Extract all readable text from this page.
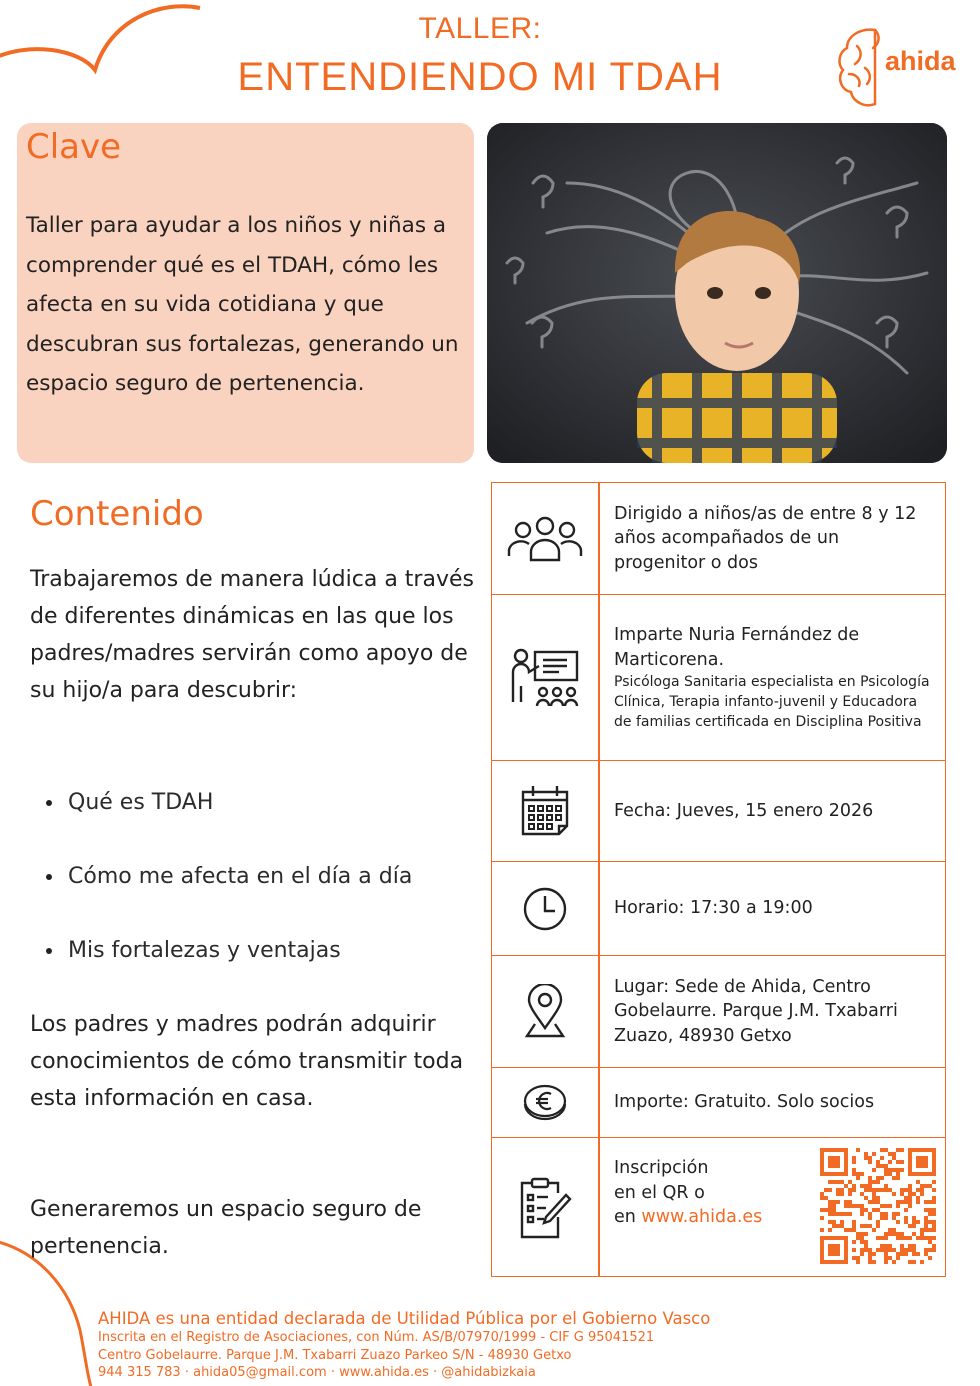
TALLER:
ENTENDIENDO MI TDAH	ahida
Clave
Taller para ayudar a los niños y niñas a comprender qué es el TDAH, cómo les afecta en su vida cotidiana y que descubran sus fortalezas, generando un espacio seguro de pertenencia.
Contenido
Trabajaremos de manera lúdica a través de diferentes dinámicas en las que los padres/madres servirán como apoyo de su hijo/a para descubrir:
Qué es TDAH
Cómo me afecta en el día a día
Mis fortalezas y ventajas
Los padres y madres podrán adquirir conocimientos de cómo transmitir toda esta información en casa.
Generaremos un espacio seguro de pertenencia.
Dirigido a niños/as de entre 8 y 12 años acompañados de un progenitor o dos
Imparte Nuria Fernández de Marticorena.
Psicóloga Sanitaria especialista en Psicología Clínica, Terapia infanto-juvenil y Educadora de familias certificada en Disciplina Positiva
Fecha: Jueves, 15 enero 2026
Horario: 17:30 a 19:00
Lugar: Sede de Ahida, Centro Gobelaurre. Parque J.M. Txabarri Zuazo, 48930 Getxo
Importe: Gratuito. Solo socios
Inscripción
en el QR o
en www.ahida.es
AHIDA es una entidad declarada de Utilidad Pública por el Gobierno Vasco
Inscrita en el Registro de Asociaciones, con Núm. AS/B/07970/1999 - CIF G 95041521
Centro Gobelaurre. Parque J.M. Txabarri Zuazo Parkeo S/N - 48930 Getxo
944 315 783 · ahida05@gmail.com · www.ahida.es · @ahidabizkaia
